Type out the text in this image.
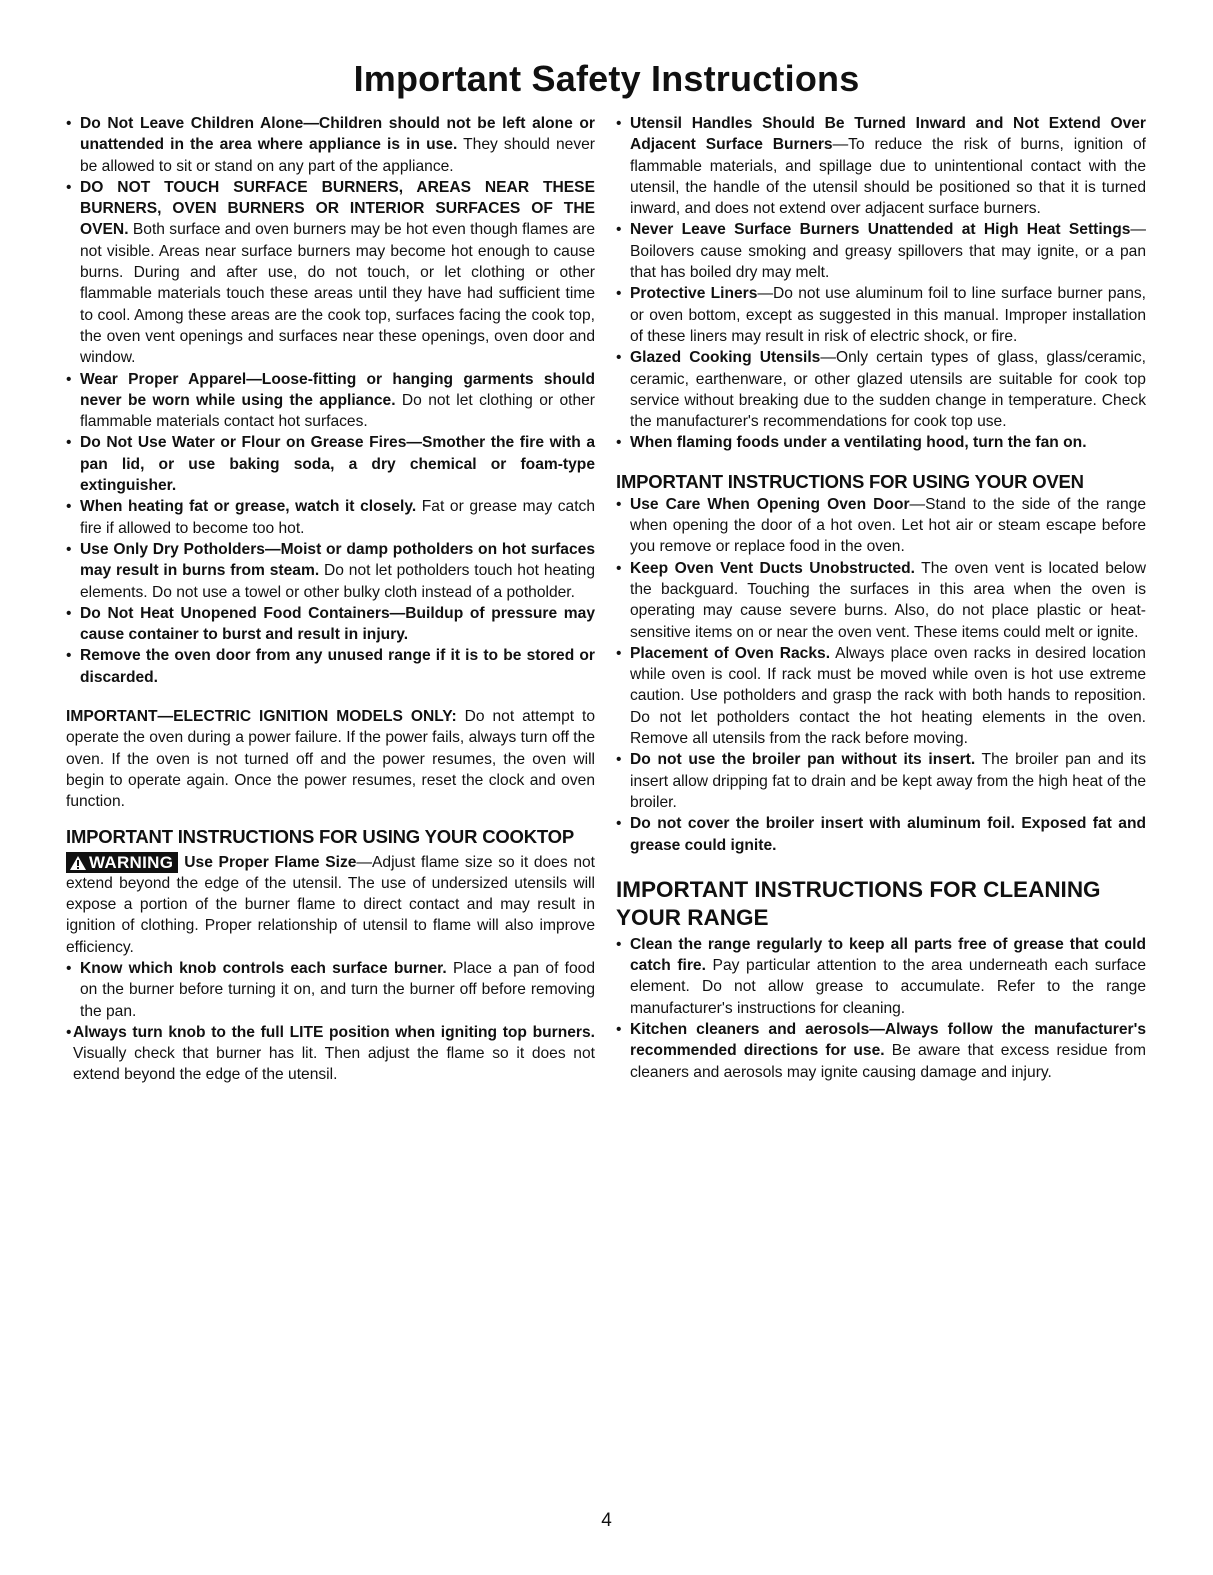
Important Safety Instructions

• Do Not Leave Children Alone—Children should not be left alone or unattended in the area where appliance is in use. They should never be allowed to sit or stand on any part of the appliance.

• DO NOT TOUCH SURFACE BURNERS, AREAS NEAR THESE BURNERS, OVEN BURNERS OR INTERIOR SURFACES OF THE OVEN. Both surface and oven burners may be hot even though flames are not visible. Areas near surface burners may become hot enough to cause burns. During and after use, do not touch, or let clothing or other flammable materials touch these areas until they have had sufficient time to cool. Among these areas are the cook top, surfaces facing the cook top, the oven vent openings and surfaces near these openings, oven door and window.

• Wear Proper Apparel—Loose-fitting or hanging garments should never be worn while using the appliance. Do not let clothing or other flammable materials contact hot surfaces.

• Do Not Use Water or Flour on Grease Fires—Smother the fire with a pan lid, or use baking soda, a dry chemical or foam-type extinguisher.

• When heating fat or grease, watch it closely. Fat or grease may catch fire if allowed to become too hot.

• Use Only Dry Potholders—Moist or damp potholders on hot surfaces may result in burns from steam. Do not let potholders touch hot heating elements. Do not use a towel or other bulky cloth instead of a potholder.

• Do Not Heat Unopened Food Containers—Buildup of pressure may cause container to burst and result in injury.

• Remove the oven door from any unused range if it is to be stored or discarded.

IMPORTANT—ELECTRIC IGNITION MODELS ONLY: Do not attempt to operate the oven during a power failure. If the power fails, always turn off the oven. If the oven is not turned off and the power resumes, the oven will begin to operate again. Once the power resumes, reset the clock and oven function.

IMPORTANT INSTRUCTIONS FOR USING YOUR COOKTOP

WARNING Use Proper Flame Size—Adjust flame size so it does not extend beyond the edge of the utensil. The use of undersized utensils will expose a portion of the burner flame to direct contact and may result in ignition of clothing. Proper relationship of utensil to flame will also improve efficiency.

• Know which knob controls each surface burner. Place a pan of food on the burner before turning it on, and turn the burner off before removing the pan.

• Always turn knob to the full LITE position when igniting top burners. Visually check that burner has lit. Then adjust the flame so it does not extend beyond the edge of the utensil.

• Utensil Handles Should Be Turned Inward and Not Extend Over Adjacent Surface Burners—To reduce the risk of burns, ignition of flammable materials, and spillage due to unintentional contact with the utensil, the handle of the utensil should be positioned so that it is turned inward, and does not extend over adjacent surface burners.

• Never Leave Surface Burners Unattended at High Heat Settings—Boilovers cause smoking and greasy spillovers that may ignite, or a pan that has boiled dry may melt.

• Protective Liners—Do not use aluminum foil to line surface burner pans, or oven bottom, except as suggested in this manual. Improper installation of these liners may result in risk of electric shock, or fire.

• Glazed Cooking Utensils—Only certain types of glass, glass/ceramic, ceramic, earthenware, or other glazed utensils are suitable for cook top service without breaking due to the sudden change in temperature. Check the manufacturer's recommendations for cook top use.

• When flaming foods under a ventilating hood, turn the fan on.

IMPORTANT INSTRUCTIONS FOR USING YOUR OVEN

• Use Care When Opening Oven Door—Stand to the side of the range when opening the door of a hot oven. Let hot air or steam escape before you remove or replace food in the oven.

• Keep Oven Vent Ducts Unobstructed. The oven vent is located below the backguard. Touching the surfaces in this area when the oven is operating may cause severe burns. Also, do not place plastic or heat-sensitive items on or near the oven vent. These items could melt or ignite.

• Placement of Oven Racks. Always place oven racks in desired location while oven is cool. If rack must be moved while oven is hot use extreme caution. Use potholders and grasp the rack with both hands to reposition. Do not let potholders contact the hot heating elements in the oven. Remove all utensils from the rack before moving.

• Do not use the broiler pan without its insert. The broiler pan and its insert allow dripping fat to drain and be kept away from the high heat of the broiler.

• Do not cover the broiler insert with aluminum foil. Exposed fat and grease could ignite.

IMPORTANT INSTRUCTIONS FOR CLEANING YOUR RANGE

• Clean the range regularly to keep all parts free of grease that could catch fire. Pay particular attention to the area underneath each surface element. Do not allow grease to accumulate. Refer to the range manufacturer's instructions for cleaning.

• Kitchen cleaners and aerosols—Always follow the manufacturer's recommended directions for use. Be aware that excess residue from cleaners and aerosols may ignite causing damage and injury.

4
